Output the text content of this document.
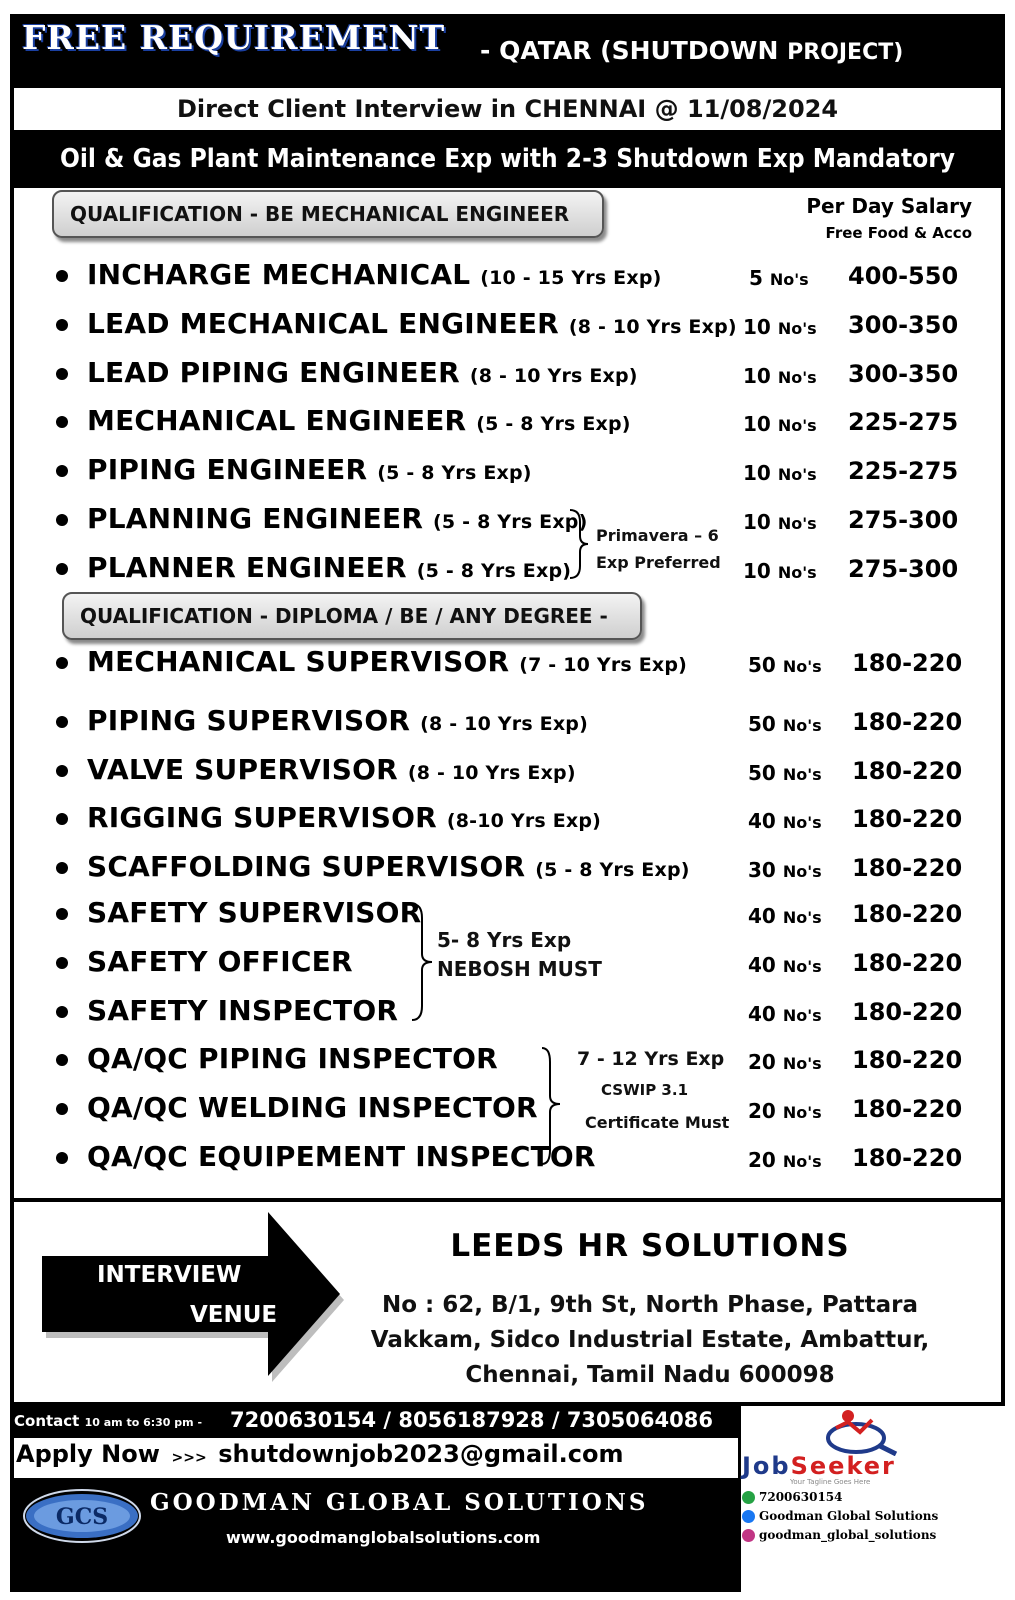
FREE REQUIREMENT - QATAR (SHUTDOWN PROJECT)
Direct Client Interview in CHENNAI @ 11/08/2024
Oil & Gas Plant Maintenance Exp with 2-3 Shutdown Exp Mandatory
QUALIFICATION - BE MECHANICAL ENGINEER	Per Day Salary
Free Food & Acco
INCHARGE MECHANICAL (10 - 15 Yrs Exp)	5 No's 400-550
LEAD MECHANICAL ENGINEER (8 - 10 Yrs Exp) 10 No's 300-350
LEAD PIPING ENGINEER (8 - 10 Yrs Exp)	10 No's 300-350
MECHANICAL ENGINEER (5 - 8 Yrs Exp)	10 No's 225-275
PIPING ENGINEER (5 - 8 Yrs Exp)	10 No's 225-275
PLANNING ENGINEER (5 - 8 Yrs Exp)	10 No's 275-300
PLANNER ENGINEER (5 - 8 Yrs Exp)	10 No's 275-300
Primavera – 6
Exp Preferred
QUALIFICATION - DIPLOMA / BE / ANY DEGREE -
MECHANICAL SUPERVISOR (7 - 10 Yrs Exp)	50 No's 180-220
PIPING SUPERVISOR (8 - 10 Yrs Exp)	50 No's 180-220
VALVE SUPERVISOR (8 - 10 Yrs Exp)	50 No's 180-220
RIGGING SUPERVISOR (8-10 Yrs Exp)	40 No's 180-220
SCAFFOLDING SUPERVISOR (5 - 8 Yrs Exp)	30 No's 180-220
SAFETY SUPERVISOR	40 No's 180-220
SAFETY OFFICER	40 No's 180-220
SAFETY INSPECTOR	40 No's 180-220
QA/QC PIPING INSPECTOR	20 No's 180-220
QA/QC WELDING INSPECTOR	20 No's 180-220
QA/QC EQUIPEMENT INSPECTOR	20 No's 180-220
5- 8 Yrs Exp
NEBOSH MUST
7 - 12 Yrs Exp
CSWIP 3.1
Certificate Must
INTERVIEW
VENUE
LEEDS HR SOLUTIONS
No : 62, B/1, 9th St, North Phase, Pattara
Vakkam, Sidco Industrial Estate, Ambattur,
Chennai, Tamil Nadu 600098
Contact 10 am to 6:30 pm - 7200630154 / 8056187928 / 7305064086
Apply Now >>> shutdownjob2023@gmail.com
GCS
GOODMAN GLOBAL SOLUTIONS
www.goodmanglobalsolutions.com
JobSeeker
Your Tagline Goes Here
7200630154
Goodman Global Solutions
goodman_global_solutions
